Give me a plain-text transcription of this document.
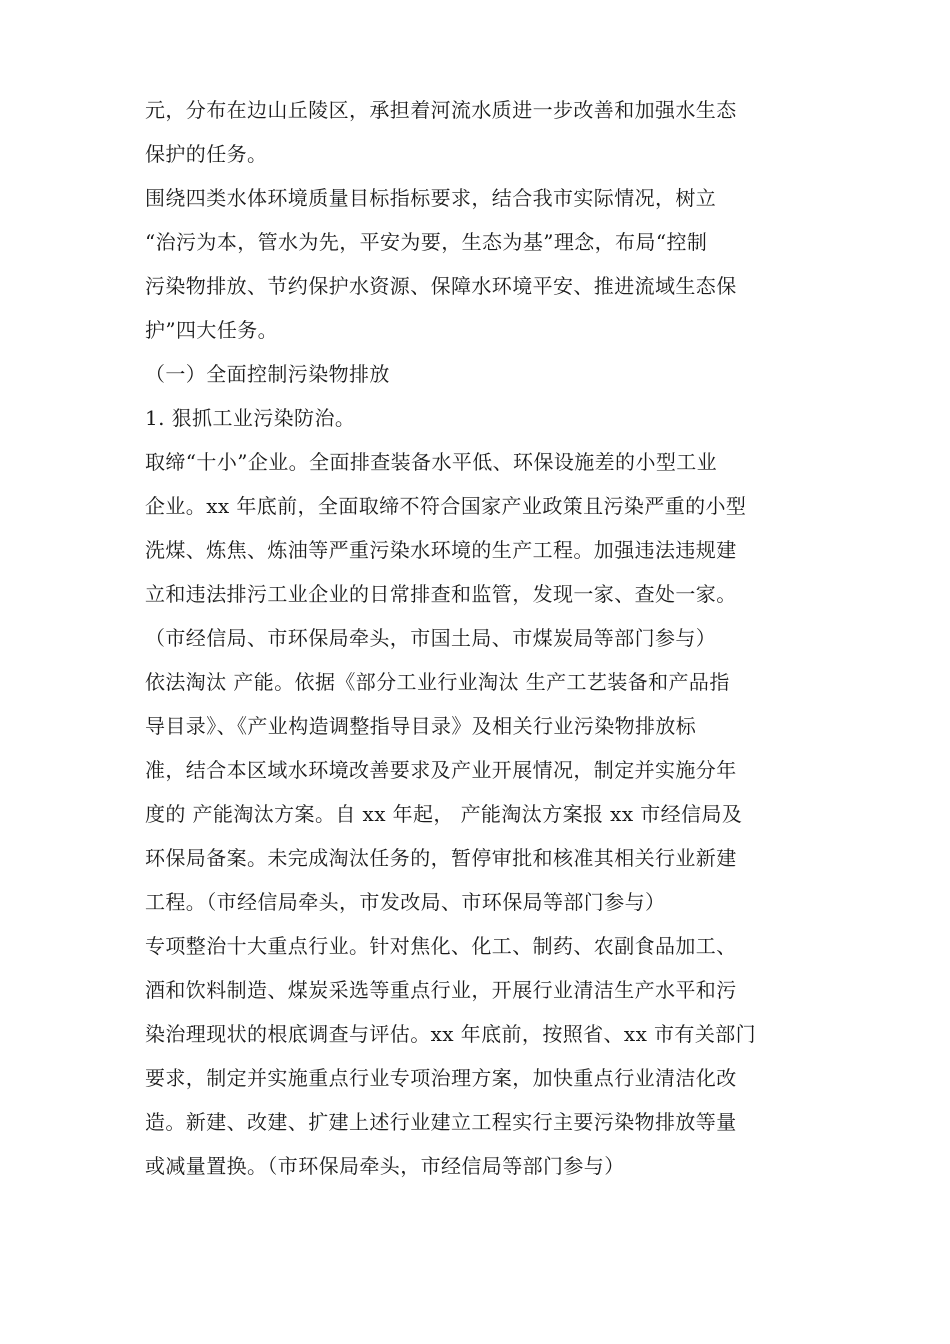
元，分布在边山丘陵区，承担着河流水质进一步改善和加强水生态
保护的任务。
围绕四类水体环境质量目标指标要求，结合我市实际情况，树立
“治污为本，管水为先，平安为要，生态为基”理念，布局“控制
污染物排放、节约保护水资源、保障水环境平安、推进流域生态保
护”四大任务。
（一）全面控制污染物排放
1. 狠抓工业污染防治。
取缔“十小”企业。全面排查装备水平低、环保设施差的小型工业
企业。xx 年底前，全面取缔不符合国家产业政策且污染严重的小型
洗煤、炼焦、炼油等严重污染水环境的生产工程。加强违法违规建
立和违法排污工业企业的日常排查和监管，发现一家、查处一家。
（市经信局、市环保局牵头，市国土局、市煤炭局等部门参与）
依法淘汰 产能。依据《部分工业行业淘汰 生产工艺装备和产品指
导目录》、《产业构造调整指导目录》及相关行业污染物排放标
准，结合本区域水环境改善要求及产业开展情况，制定并实施分年
度的 产能淘汰方案。自 xx 年起， 产能淘汰方案报 xx 市经信局及
环保局备案。未完成淘汰任务的，暂停审批和核准其相关行业新建
工程。（市经信局牵头，市发改局、市环保局等部门参与）
专项整治十大重点行业。针对焦化、化工、制药、农副食品加工、
酒和饮料制造、煤炭采选等重点行业，开展行业清洁生产水平和污
染治理现状的根底调查与评估。xx 年底前，按照省、xx 市有关部门
要求，制定并实施重点行业专项治理方案，加快重点行业清洁化改
造。新建、改建、扩建上述行业建立工程实行主要污染物排放等量
或减量置换。（市环保局牵头，市经信局等部门参与）
